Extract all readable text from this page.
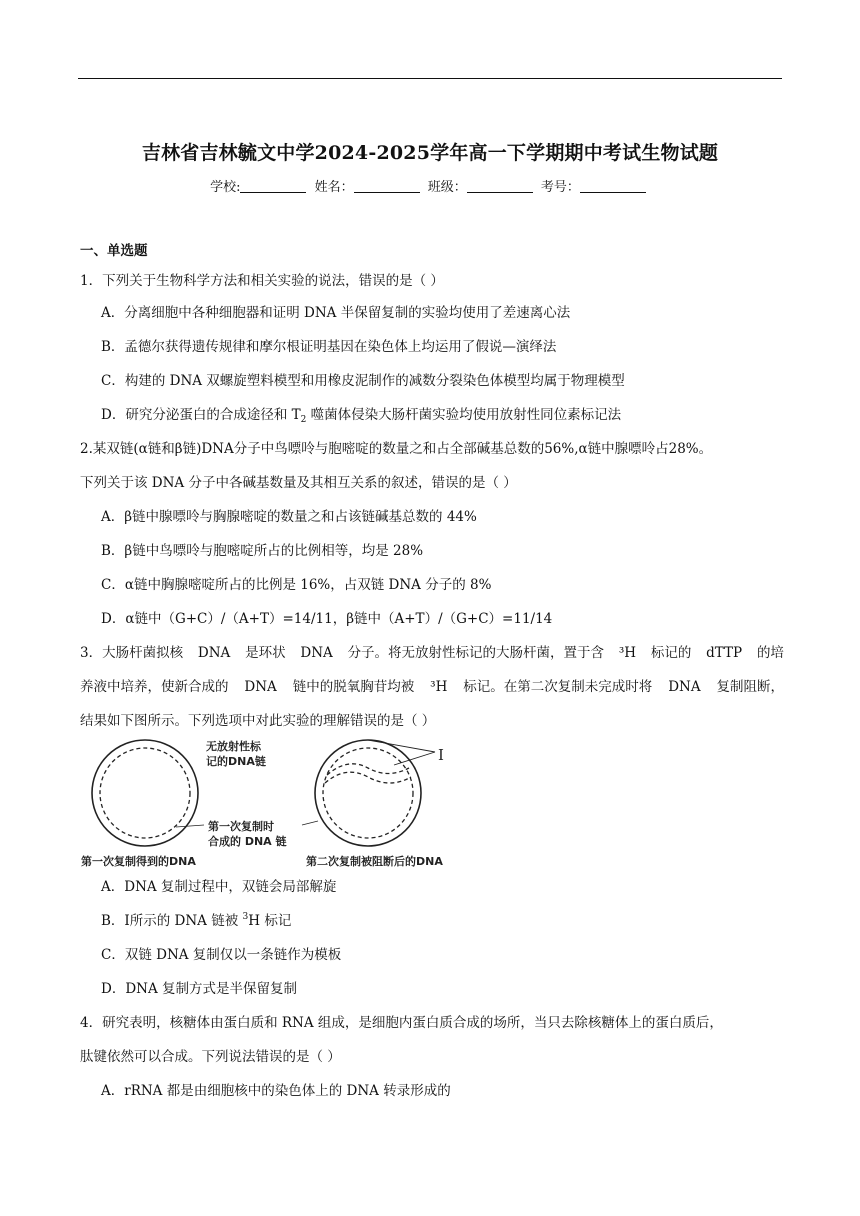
吉林省吉林毓文中学2024-2025学年高一下学期期中考试生物试题
学校:	姓名：	班级：	考号：
一、单选题
1．下列关于生物科学方法和相关实验的说法，错误的是（ ）
A．分离细胞中各种细胞器和证明 DNA 半保留复制的实验均使用了差速离心法
B．孟德尔获得遗传规律和摩尔根证明基因在染色体上均运用了假说—演绎法
C．构建的 DNA 双螺旋塑料模型和用橡皮泥制作的减数分裂染色体模型均属于物理模型
D．研究分泌蛋白的合成途径和 $T_2$ 噬菌体侵染大肠杆菌实验均使用放射性同位素标记法
2.某双链(α链和β链)DNA分子中鸟嘌呤与胞嘧啶的数量之和占全部碱基总数的56%,α链中腺嘌呤占28%。
下列关于该 DNA 分子中各碱基数量及其相互关系的叙述，错误的是（ ）
A．β链中腺嘌呤与胸腺嘧啶的数量之和占该链碱基总数的 44%
B．β链中鸟嘌呤与胞嘧啶所占的比例相等，均是 28%
C．α链中胸腺嘧啶所占的比例是 16%，占双链 DNA 分子的 8%
D．α链中（G+C）/（A+T）=14/11，β链中（A+T）/（G+C）=11/14
3．大肠杆菌拟核 DNA 是环状 DNA 分子。将无放射性标记的大肠杆菌，置于含 ³H 标记的 dTTP 的培
养液中培养，使新合成的 DNA 链中的脱氧胸苷均被 ³H 标记。在第二次复制未完成时将 DNA 复制阻断，
结果如下图所示。下列选项中对此实验的理解错误的是（ ）
无放射性标
记的DNA链	Ⅰ
第一次复制时
合成的 DNA 链
第一次复制得到的DNA	第二次复制被阻断后的DNA
A．DNA 复制过程中，双链会局部解旋
B．Ⅰ所示的 DNA 链被 $^3$H 标记
C．双链 DNA 复制仅以一条链作为模板
D．DNA 复制方式是半保留复制
4．研究表明，核糖体由蛋白质和 RNA 组成，是细胞内蛋白质合成的场所，当只去除核糖体上的蛋白质后，
肽键依然可以合成。下列说法错误的是（ ）
A．rRNA 都是由细胞核中的染色体上的 DNA 转录形成的
